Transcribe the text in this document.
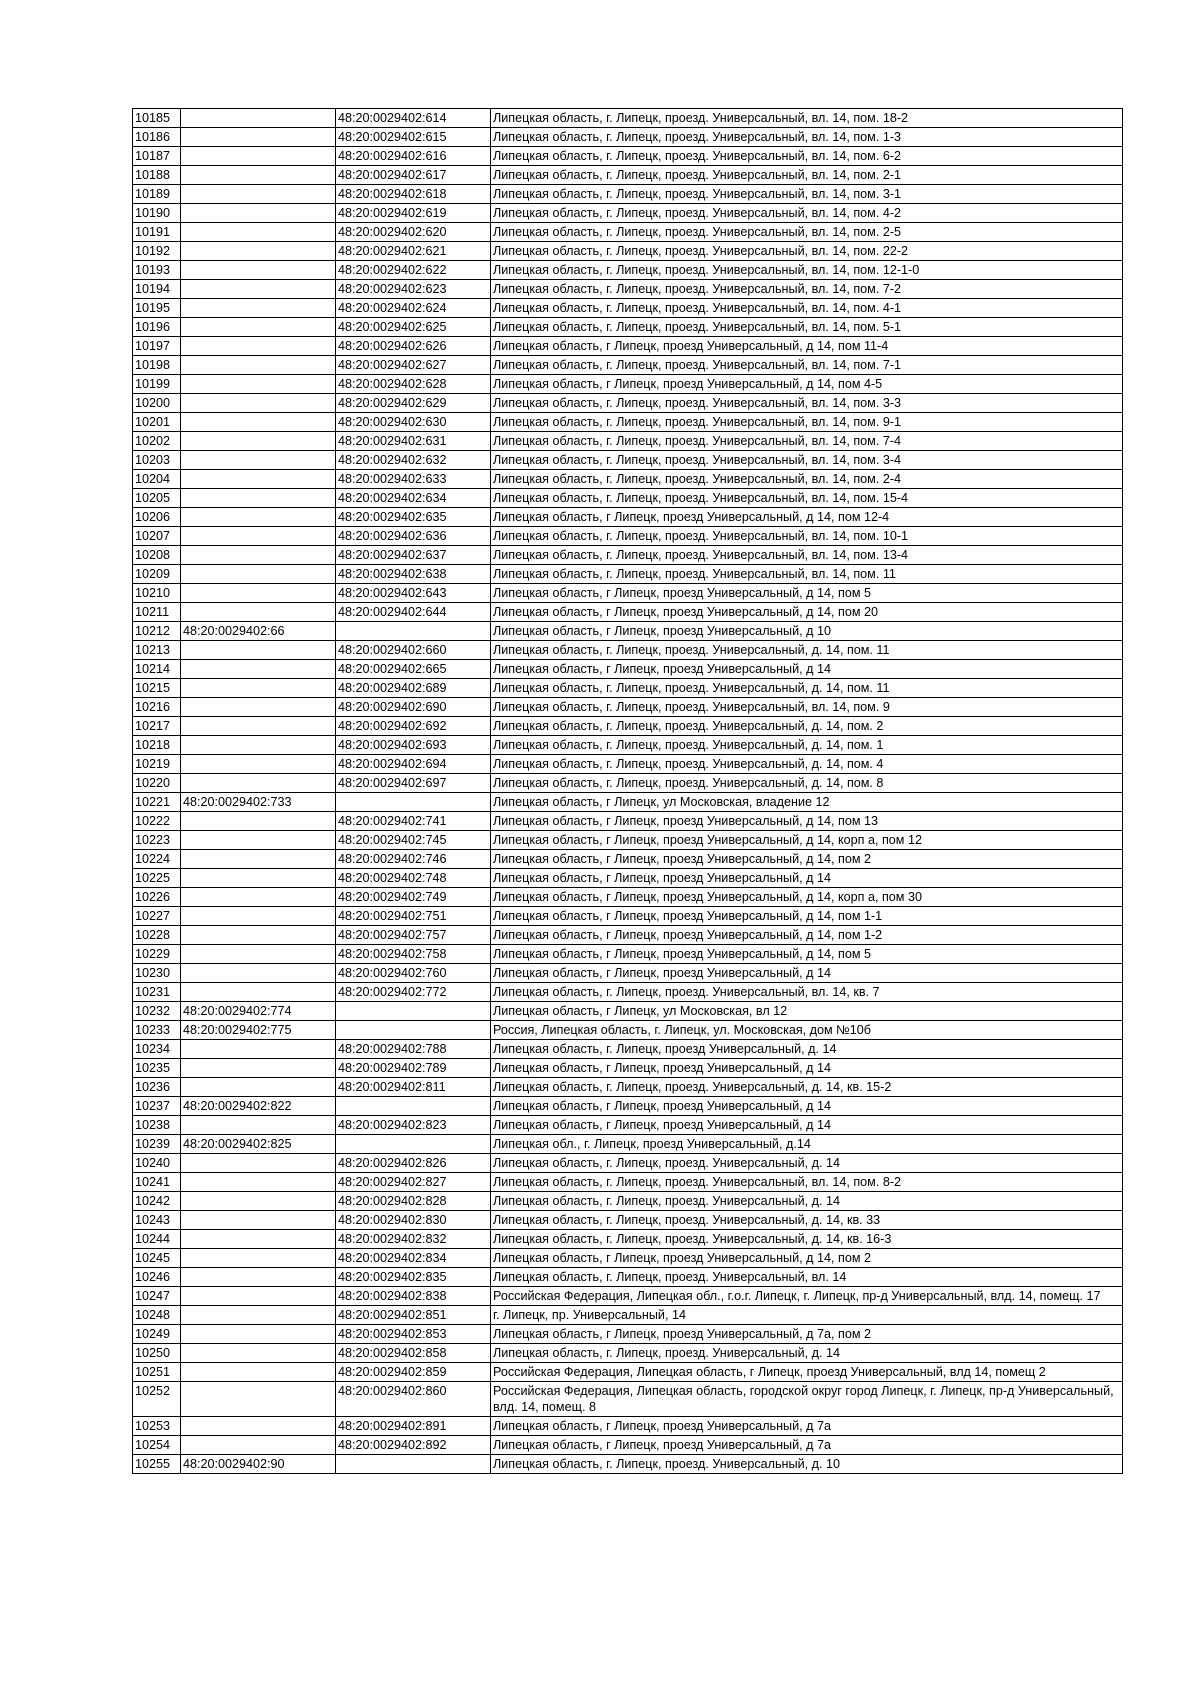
10185		48:20:0029402:614	Липецкая область, г. Липецк, проезд. Универсальный, вл. 14, пом. 18-2
10186		48:20:0029402:615	Липецкая область, г. Липецк, проезд. Универсальный, вл. 14, пом. 1-3
10187		48:20:0029402:616	Липецкая область, г. Липецк, проезд. Универсальный, вл. 14, пом. 6-2
10188		48:20:0029402:617	Липецкая область, г. Липецк, проезд. Универсальный, вл. 14, пом. 2-1
10189		48:20:0029402:618	Липецкая область, г. Липецк, проезд. Универсальный, вл. 14, пом. 3-1
10190		48:20:0029402:619	Липецкая область, г. Липецк, проезд. Универсальный, вл. 14, пом. 4-2
10191		48:20:0029402:620	Липецкая область, г. Липецк, проезд. Универсальный, вл. 14, пом. 2-5
10192		48:20:0029402:621	Липецкая область, г. Липецк, проезд. Универсальный, вл. 14, пом. 22-2
10193		48:20:0029402:622	Липецкая область, г. Липецк, проезд. Универсальный, вл. 14, пом. 12-1-0
10194		48:20:0029402:623	Липецкая область, г. Липецк, проезд. Универсальный, вл. 14, пом. 7-2
10195		48:20:0029402:624	Липецкая область, г. Липецк, проезд. Универсальный, вл. 14, пом. 4-1
10196		48:20:0029402:625	Липецкая область, г. Липецк, проезд. Универсальный, вл. 14, пом. 5-1
10197		48:20:0029402:626	Липецкая область, г Липецк, проезд Универсальный, д 14, пом 11-4
10198		48:20:0029402:627	Липецкая область, г. Липецк, проезд. Универсальный, вл. 14, пом. 7-1
10199		48:20:0029402:628	Липецкая область, г Липецк, проезд Универсальный, д 14, пом 4-5
10200		48:20:0029402:629	Липецкая область, г. Липецк, проезд. Универсальный, вл. 14, пом. 3-3
10201		48:20:0029402:630	Липецкая область, г. Липецк, проезд. Универсальный, вл. 14, пом. 9-1
10202		48:20:0029402:631	Липецкая область, г. Липецк, проезд. Универсальный, вл. 14, пом. 7-4
10203		48:20:0029402:632	Липецкая область, г. Липецк, проезд. Универсальный, вл. 14, пом. 3-4
10204		48:20:0029402:633	Липецкая область, г. Липецк, проезд. Универсальный, вл. 14, пом. 2-4
10205		48:20:0029402:634	Липецкая область, г. Липецк, проезд. Универсальный, вл. 14, пом. 15-4
10206		48:20:0029402:635	Липецкая область, г Липецк, проезд Универсальный, д 14, пом 12-4
10207		48:20:0029402:636	Липецкая область, г. Липецк, проезд. Универсальный, вл. 14, пом. 10-1
10208		48:20:0029402:637	Липецкая область, г. Липецк, проезд. Универсальный, вл. 14, пом. 13-4
10209		48:20:0029402:638	Липецкая область, г. Липецк, проезд. Универсальный, вл. 14, пом. 11
10210		48:20:0029402:643	Липецкая область, г Липецк, проезд Универсальный, д 14, пом 5
10211		48:20:0029402:644	Липецкая область, г Липецк, проезд Универсальный, д 14, пом 20
10212	48:20:0029402:66		Липецкая область, г Липецк, проезд Универсальный, д 10
10213		48:20:0029402:660	Липецкая область, г. Липецк, проезд. Универсальный, д. 14, пом. 11
10214		48:20:0029402:665	Липецкая область, г Липецк, проезд Универсальный, д 14
10215		48:20:0029402:689	Липецкая область, г. Липецк, проезд. Универсальный, д. 14, пом. 11
10216		48:20:0029402:690	Липецкая область, г. Липецк, проезд. Универсальный, вл. 14, пом. 9
10217		48:20:0029402:692	Липецкая область, г. Липецк, проезд. Универсальный, д. 14, пом. 2
10218		48:20:0029402:693	Липецкая область, г. Липецк, проезд. Универсальный, д. 14, пом. 1
10219		48:20:0029402:694	Липецкая область, г. Липецк, проезд. Универсальный, д. 14, пом. 4
10220		48:20:0029402:697	Липецкая область, г. Липецк, проезд. Универсальный, д. 14, пом. 8
10221	48:20:0029402:733		Липецкая область, г Липецк, ул Московская, владение 12
10222		48:20:0029402:741	Липецкая область, г Липецк, проезд Универсальный, д 14, пом 13
10223		48:20:0029402:745	Липецкая область, г Липецк, проезд Универсальный, д 14, корп а, пом 12
10224		48:20:0029402:746	Липецкая область, г Липецк, проезд Универсальный, д 14, пом 2
10225		48:20:0029402:748	Липецкая область, г Липецк, проезд Универсальный, д 14
10226		48:20:0029402:749	Липецкая область, г Липецк, проезд Универсальный, д 14, корп а, пом 30
10227		48:20:0029402:751	Липецкая область, г Липецк, проезд Универсальный, д 14, пом 1-1
10228		48:20:0029402:757	Липецкая область, г Липецк, проезд Универсальный, д 14, пом 1-2
10229		48:20:0029402:758	Липецкая область, г Липецк, проезд Универсальный, д 14, пом 5
10230		48:20:0029402:760	Липецкая область, г Липецк, проезд Универсальный, д 14
10231		48:20:0029402:772	Липецкая область, г. Липецк, проезд. Универсальный, вл. 14, кв. 7
10232	48:20:0029402:774		Липецкая область, г Липецк, ул Московская, вл 12
10233	48:20:0029402:775		Россия, Липецкая область, г. Липецк, ул. Московская, дом №10б
10234		48:20:0029402:788	Липецкая область, г. Липецк, проезд Универсальный, д. 14
10235		48:20:0029402:789	Липецкая область, г Липецк, проезд Универсальный, д 14
10236		48:20:0029402:811	Липецкая область, г. Липецк, проезд. Универсальный, д. 14, кв. 15-2
10237	48:20:0029402:822		Липецкая область, г Липецк, проезд Универсальный, д 14
10238		48:20:0029402:823	Липецкая область, г Липецк, проезд Универсальный, д 14
10239	48:20:0029402:825		Липецкая обл., г. Липецк, проезд Универсальный, д.14
10240		48:20:0029402:826	Липецкая область, г. Липецк, проезд. Универсальный, д. 14
10241		48:20:0029402:827	Липецкая область, г. Липецк, проезд. Универсальный, вл. 14, пом. 8-2
10242		48:20:0029402:828	Липецкая область, г. Липецк, проезд. Универсальный, д. 14
10243		48:20:0029402:830	Липецкая область, г. Липецк, проезд. Универсальный, д. 14, кв. 33
10244		48:20:0029402:832	Липецкая область, г. Липецк, проезд. Универсальный, д. 14, кв. 16-3
10245		48:20:0029402:834	Липецкая область, г Липецк, проезд Универсальный, д 14, пом 2
10246		48:20:0029402:835	Липецкая область, г. Липецк, проезд. Универсальный, вл. 14
10247		48:20:0029402:838	Российская Федерация, Липецкая обл., г.о.г. Липецк, г. Липецк, пр-д Универсальный, влд. 14, помещ. 17
10248		48:20:0029402:851	г. Липецк, пр. Универсальный, 14
10249		48:20:0029402:853	Липецкая область, г Липецк, проезд Универсальный, д 7а, пом 2
10250		48:20:0029402:858	Липецкая область, г. Липецк, проезд. Универсальный, д. 14
10251		48:20:0029402:859	Российская Федерация, Липецкая область, г Липецк, проезд Универсальный, влд 14, помещ 2
10252		48:20:0029402:860	Российская Федерация, Липецкая область, городской округ город Липецк, г. Липецк, пр-д Универсальный, влд. 14, помещ. 8
10253		48:20:0029402:891	Липецкая область, г Липецк, проезд Универсальный, д 7а
10254		48:20:0029402:892	Липецкая область, г Липецк, проезд Универсальный, д 7а
10255	48:20:0029402:90		Липецкая область, г. Липецк, проезд. Универсальный, д. 10
